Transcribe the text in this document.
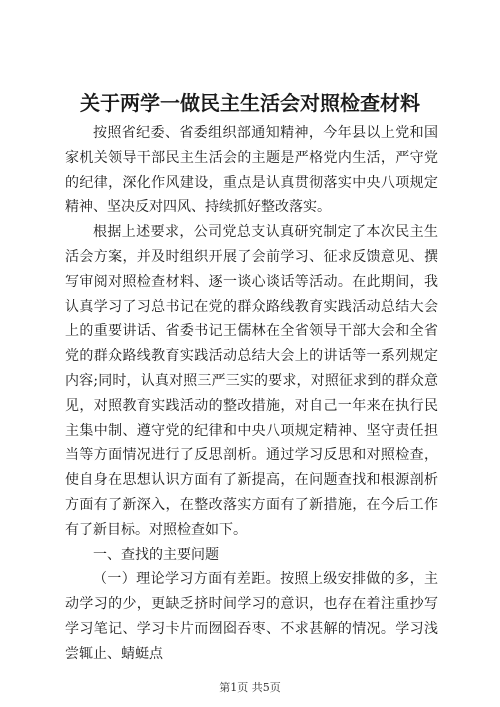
关于两学一做民主生活会对照检查材料

按照省纪委、省委组织部通知精神，今年县以上党和国家机关领导干部民主生活会的主题是严格党内生活，严守党的纪律，深化作风建设，重点是认真贯彻落实中央八项规定精神、坚决反对四风、持续抓好整改落实。

根据上述要求，公司党总支认真研究制定了本次民主生活会方案，并及时组织开展了会前学习、征求反馈意见、撰写审阅对照检查材料、逐一谈心谈话等活动。在此期间，我认真学习了习总书记在党的群众路线教育实践活动总结大会上的重要讲话、省委书记王儒林在全省领导干部大会和全省党的群众路线教育实践活动总结大会上的讲话等一系列规定内容;同时，认真对照三严三实的要求，对照征求到的群众意见，对照教育实践活动的整改措施，对自己一年来在执行民主集中制、遵守党的纪律和中央八项规定精神、坚守责任担当等方面情况进行了反思剖析。通过学习反思和对照检查，使自身在思想认识方面有了新提高，在问题查找和根源剖析方面有了新深入，在整改落实方面有了新措施，在今后工作有了新目标。对照检查如下。

一、查找的主要问题

（一）理论学习方面有差距。按照上级安排做的多，主动学习的少，更缺乏挤时间学习的意识，也存在着注重抄写学习笔记、学习卡片而囫囵吞枣、不求甚解的情况。学习浅尝辄止、蜻蜓点

第1页 共5页
